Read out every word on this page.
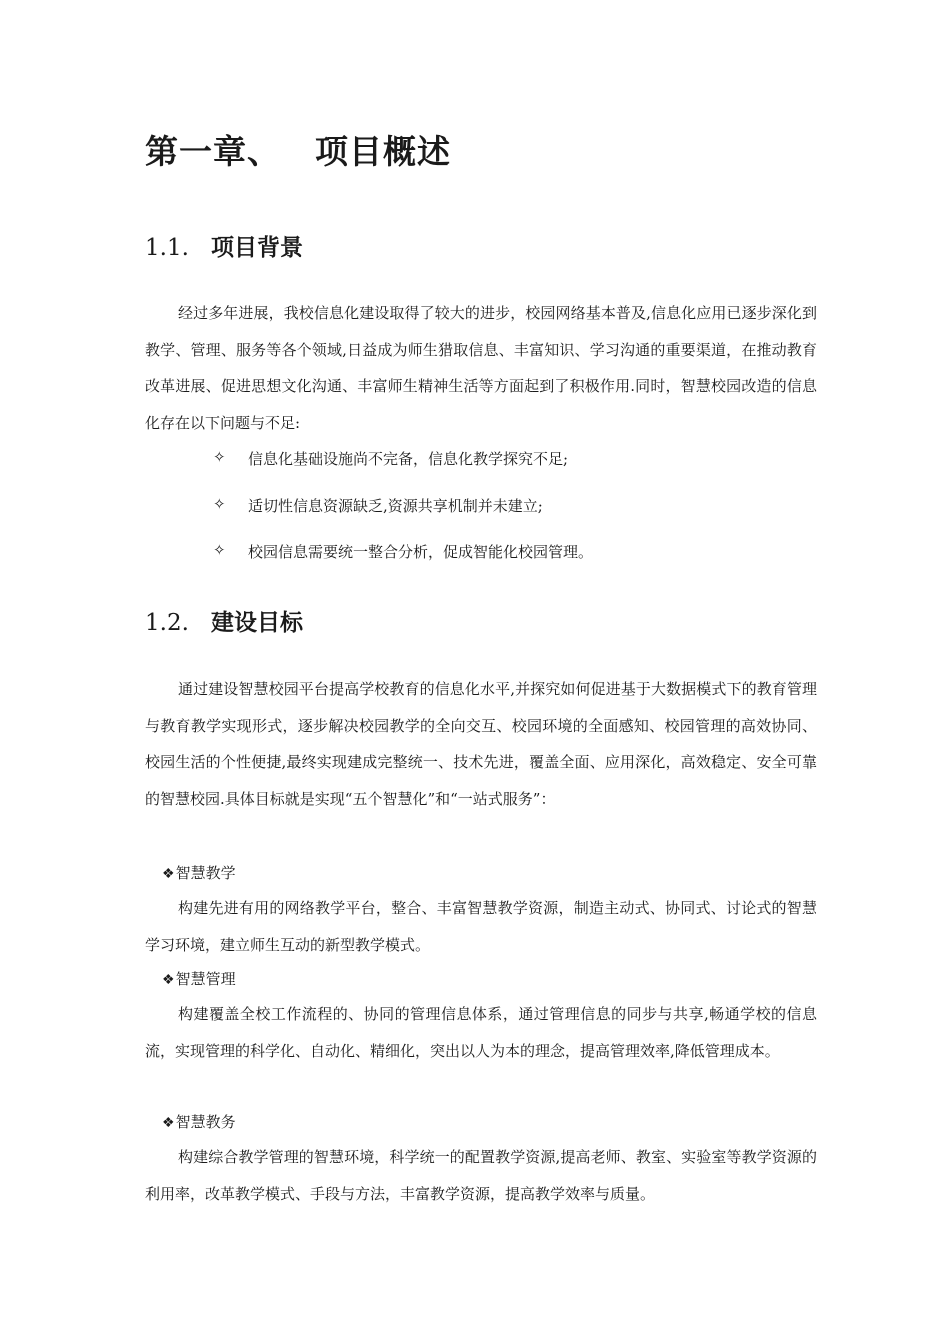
第一章、 项目概述
1.1. 项目背景
经过多年进展，我校信息化建设取得了较大的进步，校园网络基本普及,信息化应用已逐步深化到教学、管理、服务等各个领域,日益成为师生猎取信息、丰富知识、学习沟通的重要渠道，在推动教育改革进展、促进思想文化沟通、丰富师生精神生活等方面起到了积极作用.同时，智慧校园改造的信息化存在以下问题与不足:
✧	信息化基础设施尚不完备，信息化教学探究不足;
✧	适切性信息资源缺乏,资源共享机制并未建立;
✧	校园信息需要统一整合分析，促成智能化校园管理。
1.2. 建设目标
通过建设智慧校园平台提高学校教育的信息化水平,并探究如何促进基于大数据模式下的教育管理与教育教学实现形式，逐步解决校园教学的全向交互、校园环境的全面感知、校园管理的高效协同、校园生活的个性便捷,最终实现建成完整统一、技术先进，覆盖全面、应用深化，高效稳定、安全可靠的智慧校园.具体目标就是实现“五个智慧化”和“一站式服务”：
❖智慧教学
构建先进有用的网络教学平台，整合、丰富智慧教学资源，制造主动式、协同式、讨论式的智慧学习环境，建立师生互动的新型教学模式。
❖智慧管理
构建覆盖全校工作流程的、协同的管理信息体系，通过管理信息的同步与共享,畅通学校的信息流，实现管理的科学化、自动化、精细化，突出以人为本的理念，提高管理效率,降低管理成本。
❖智慧教务
构建综合教学管理的智慧环境，科学统一的配置教学资源,提高老师、教室、实验室等教学资源的利用率，改革教学模式、手段与方法，丰富教学资源，提高教学效率与质量。
